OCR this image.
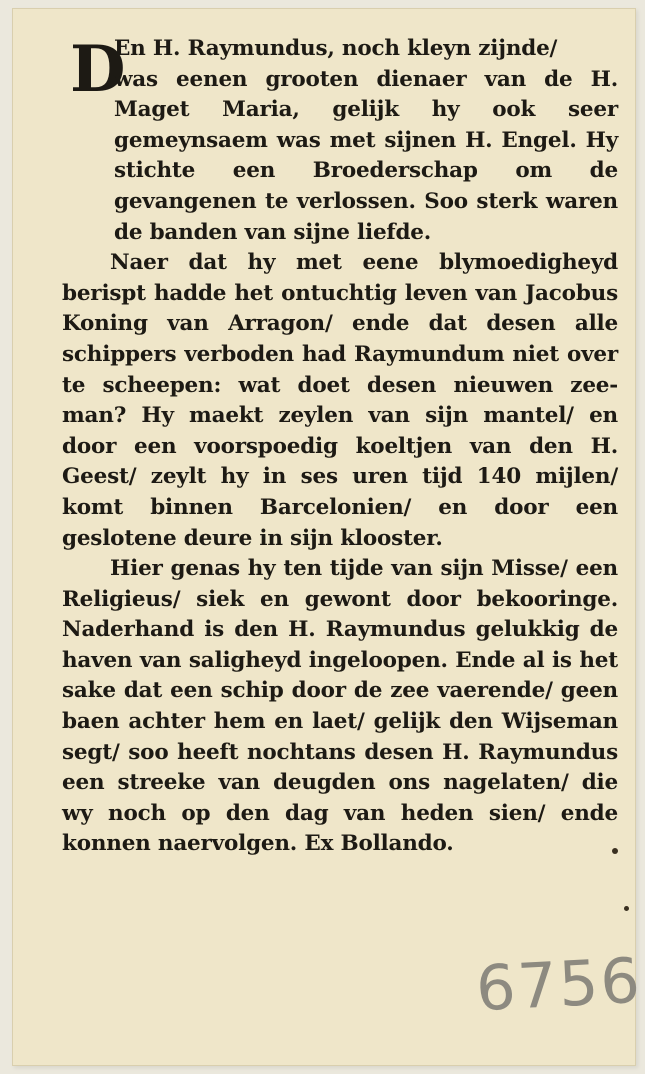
D

En H. Raymundus, noch kleyn zijnde/
was eenen grooten dienaer van de H. Maget Maria, gelijk hy ook seer gemeynsaem was met sijnen H. Engel. Hy stichte een Broederschap om de gevangenen te verlossen. Soo sterk waren de banden van sijne liefde.

Naer dat hy met eene blymoedigheyd berispt hadde het ontuchtig leven van Jacobus Koning van Arragon/ ende dat desen alle schippers verboden had Raymundum niet over te scheepen: wat doet desen nieuwen zee-man? Hy maekt zeylen van sijn mantel/ en door een voorspoedig koeltjen van den H. Geest/ zeylt hy in ses uren tijd 140 mijlen/ komt binnen Barcelonien/ en door een geslotene deure in sijn klooster.

Hier genas hy ten tijde van sijn Misse/ een Religieus/ siek en gewont door bekooringe. Naderhand is den H. Raymundus gelukkig de haven van saligheyd ingeloopen. Ende al is het sake dat een schip door de zee vaerende/ geen baen achter hem en laet/ gelijk den Wijseman segt/ soo heeft nochtans desen H. Raymundus een streeke van deugden ons nagelaten/ die wy noch op den dag van heden sien/ ende konnen naervolgen. Ex Bollando.

6756
